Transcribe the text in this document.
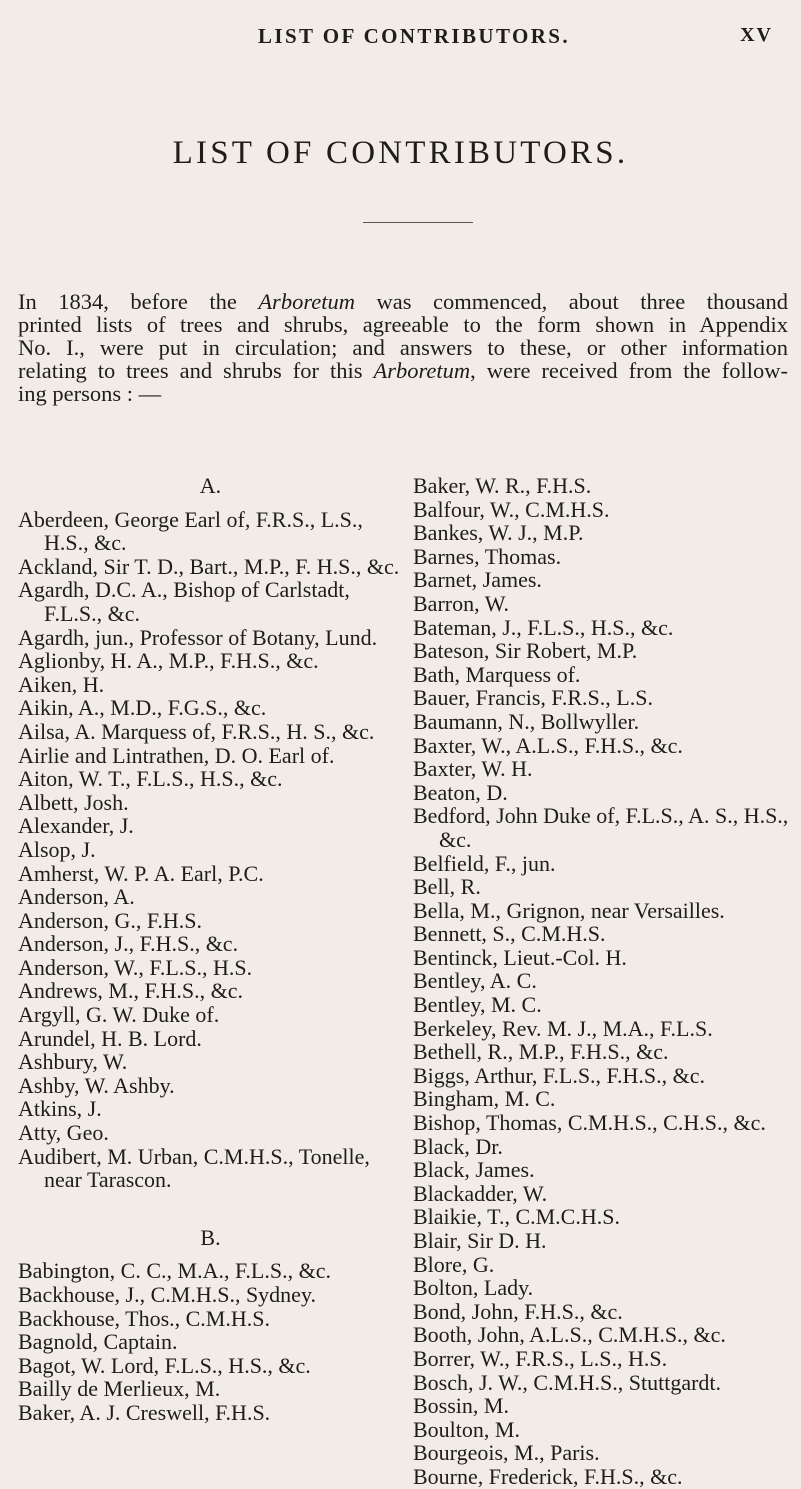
LIST OF CONTRIBUTORS.	XV
LIST OF CONTRIBUTORS.
In 1834, before the Arboretum was commenced, about three thousand
printed lists of trees and shrubs, agreeable to the form shown in Appendix
No. I., were put in circulation; and answers to these, or other information
relating to trees and shrubs for this Arboretum, were received from the follow-
ing persons : —
A.
Aberdeen, George Earl of, F.R.S., L.S., H.S., &c.
Ackland, Sir T. D., Bart., M.P., F. H.S., &c.
Agardh, D.C. A., Bishop of Carlstadt, F.L.S., &c.
Agardh, jun., Professor of Botany, Lund.
Aglionby, H. A., M.P., F.H.S., &c.
Aiken, H.
Aikin, A., M.D., F.G.S., &c.
Ailsa, A. Marquess of, F.R.S., H. S., &c.
Airlie and Lintrathen, D. O. Earl of.
Aiton, W. T., F.L.S., H.S., &c.
Albett, Josh.
Alexander, J.
Alsop, J.
Amherst, W. P. A. Earl, P.C.
Anderson, A.
Anderson, G., F.H.S.
Anderson, J., F.H.S., &c.
Anderson, W., F.L.S., H.S.
Andrews, M., F.H.S., &c.
Argyll, G. W. Duke of.
Arundel, H. B. Lord.
Ashbury, W.
Ashby, W. Ashby.
Atkins, J.
Atty, Geo.
Audibert, M. Urban, C.M.H.S., Tonelle, near Tarascon.
B.
Babington, C. C., M.A., F.L.S., &c.
Backhouse, J., C.M.H.S., Sydney.
Backhouse, Thos., C.M.H.S.
Bagnold, Captain.
Bagot, W. Lord, F.L.S., H.S., &c.
Bailly de Merlieux, M.
Baker, A. J. Creswell, F.H.S.
Baker, W. R., F.H.S.
Balfour, W., C.M.H.S.
Bankes, W. J., M.P.
Barnes, Thomas.
Barnet, James.
Barron, W.
Bateman, J., F.L.S., H.S., &c.
Bateson, Sir Robert, M.P.
Bath, Marquess of.
Bauer, Francis, F.R.S., L.S.
Baumann, N., Bollwyller.
Baxter, W., A.L.S., F.H.S., &c.
Baxter, W. H.
Beaton, D.
Bedford, John Duke of, F.L.S., A. S., H.S., &c.
Belfield, F., jun.
Bell, R.
Bella, M., Grignon, near Versailles.
Bennett, S., C.M.H.S.
Bentinck, Lieut.-Col. H.
Bentley, A. C.
Bentley, M. C.
Berkeley, Rev. M. J., M.A., F.L.S.
Bethell, R., M.P., F.H.S., &c.
Biggs, Arthur, F.L.S., F.H.S., &c.
Bingham, M. C.
Bishop, Thomas, C.M.H.S., C.H.S., &c.
Black, Dr.
Black, James.
Blackadder, W.
Blaikie, T., C.M.C.H.S.
Blair, Sir D. H.
Blore, G.
Bolton, Lady.
Bond, John, F.H.S., &c.
Booth, John, A.L.S., C.M.H.S., &c.
Borrer, W., F.R.S., L.S., H.S.
Bosch, J. W., C.M.H.S., Stuttgardt.
Bossin, M.
Boulton, M.
Bourgeois, M., Paris.
Bourne, Frederick, F.H.S., &c.
